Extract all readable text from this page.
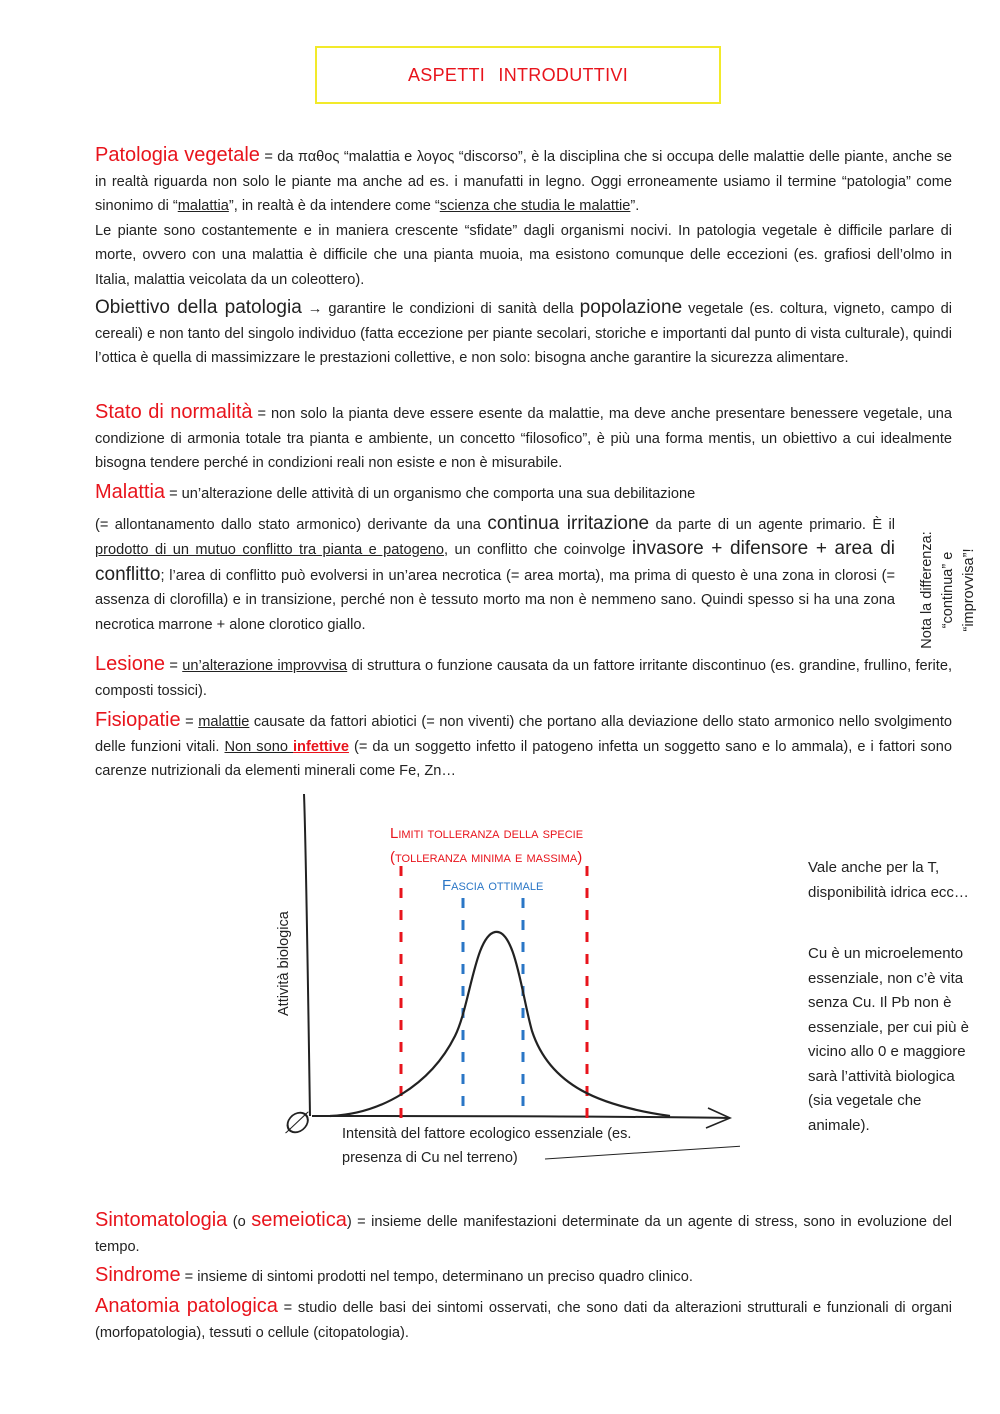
ASPETTI INTRODUTTIVI

Patologia vegetale = da παθος “malattia e λογος “discorso”, è la disciplina che si occupa delle malattie delle piante, anche se in realtà riguarda non solo le piante ma anche ad es. i manufatti in legno. Oggi erroneamente usiamo il termine “patologia” come sinonimo di “malattia”, in realtà è da intendere come “scienza che studia le malattie”.

Le piante sono costantemente e in maniera crescente “sfidate” dagli organismi nocivi. In patologia vegetale è difficile parlare di morte, ovvero con una malattia è difficile che una pianta muoia, ma esistono comunque delle eccezioni (es. grafiosi dell’olmo in Italia, malattia veicolata da un coleottero).

Obiettivo della patologia → garantire le condizioni di sanità della popolazione vegetale (es. coltura, vigneto, campo di cereali) e non tanto del singolo individuo (fatta eccezione per piante secolari, storiche e importanti dal punto di vista culturale), quindi l’ottica è quella di massimizzare le prestazioni collettive, e non solo: bisogna anche garantire la sicurezza alimentare.

Stato di normalità = non solo la pianta deve essere esente da malattie, ma deve anche presentare benessere vegetale, una condizione di armonia totale tra pianta e ambiente, un concetto “filosofico”, è più una forma mentis, un obiettivo a cui idealmente bisogna tendere perché in condizioni reali non esiste e non è misurabile.

Malattia = un’alterazione delle attività di un organismo che comporta una sua debilitazione

(= allontanamento dallo stato armonico) derivante da una continua irritazione da parte di un agente primario. È il prodotto di un mutuo conflitto tra pianta e patogeno, un conflitto che coinvolge invasore + difensore + area di conflitto; l’area di conflitto può evolversi in un’area necrotica (= area morta), ma prima di questo è una zona in clorosi (= assenza di clorofilla) e in transizione, perché non è tessuto morto ma non è nemmeno sano. Quindi spesso si ha una zona necrotica marrone + alone clorotico giallo.	Nota la differenza: “continua” e “improvvisa”!

Lesione = un’alterazione improvvisa di struttura o funzione causata da un fattore irritante discontinuo (es. grandine, frullino, ferite, composti tossici).

Fisiopatie = malattie causate da fattori abiotici (= non viventi) che portano alla deviazione dello stato armonico nello svolgimento delle funzioni vitali. Non sono infettive (= da un soggetto infetto il patogeno infetta un soggetto sano e lo ammala), e i fattori sono carenze nutrizionali da elementi minerali come Fe, Zn…

Limiti tolleranza della specie
(tolleranza minima e massima)
Fascia ottimale
Attività biologica
∅ Intensità del fattore ecologico essenziale (es.
presenza di Cu nel terreno)
Vale anche per la T, disponibilità idrica ecc…
Cu è un microelemento essenziale, non c’è vita senza Cu. Il Pb non è essenziale, per cui più è vicino allo 0 e maggiore sarà l’attività biologica (sia vegetale che animale).

Sintomatologia (o semeiotica) = insieme delle manifestazioni determinate da un agente di stress, sono in evoluzione del tempo.

Sindrome = insieme di sintomi prodotti nel tempo, determinano un preciso quadro clinico.

Anatomia patologica = studio delle basi dei sintomi osservati, che sono dati da alterazioni strutturali e funzionali di organi (morfopatologia), tessuti o cellule (citopatologia).
